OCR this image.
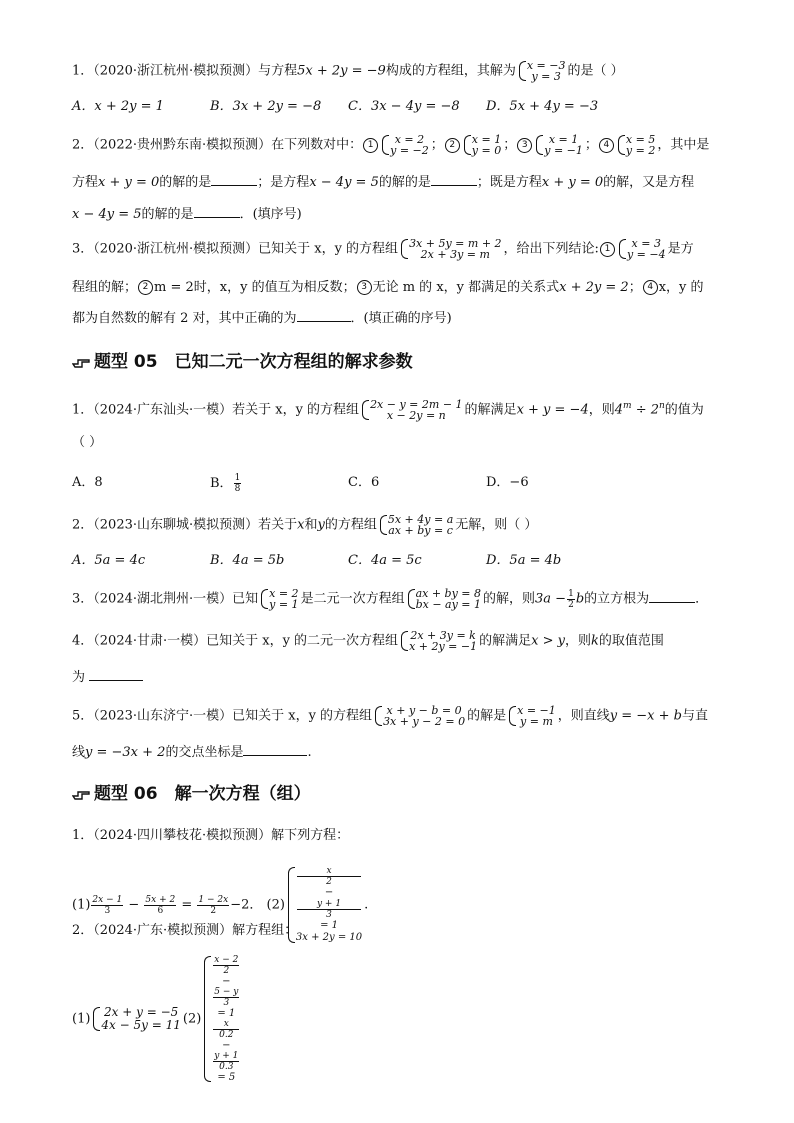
1．（2020·浙江杭州·模拟预测）与方程5x + 2y = −9构成的方程组，其解为 x = −3
y = 3 的是（ ）
A．x + 2y = 1	B．3x + 2y = −8 C．3x − 4y = −8 D．5x + 4y = −3
2．（2022·贵州黔东南·模拟预测）在下列数对中： 1	x = 2
y = −2 ； 2 x = 1
y = 0 ； 3	x = 1
y = −1 ； 4 x = 5
y = 2 ，其中是
方程x + y = 0的解的是	；是方程x − 4y = 5的解的是	；既是方程x + y = 0的解，又是方程
x − 4y = 5的解的是	．(填序号)
3．（2020·浙江杭州·模拟预测）已知关于 x，y 的方程组 3x + 5y = m + 2
2x + 3y = m	，给出下列结论: 1	x = 3
y = −4 是方
程组的解； 2 m = 2时，x，y 的值互为相反数； 3 无论 m 的 x，y 都满足的关系式x + 2y = 2； 4 x，y 的
都为自然数的解有 2 对，其中正确的为	．(填正确的序号)
题型 05　已知二元一次方程组的解求参数
1．（2024·广东汕头·一模）若关于 x，y 的方程组 2x − y = 2m − 1
x − 2y = n	的解满足x + y = −4，则$4^m \div 2^n$的值为
（ ）
A．8	B． $\frac{1}{8}$	C．6	D．−6
2．（2023·山东聊城·模拟预测）若关于x和y的方程组 5x + 4y = a
ax + by = c 无解，则（ ）
A．5a = 4c	B．4a = 5b	C．4a = 5c	D．5a = 4b
3．（2024·湖北荆州·一模）已知 x = 2
y = 1 是二元一次方程组 ax + by = 8
bx − ay = 1 的解，则$3a - \frac{1}{2}$ b的立方根为	．
4．（2024·甘肃·一模）已知关于 x，y 的二元一次方程组 2x + 3y = k
x + 2y = −1 的解满足x > y，则k的取值范围
为
5．（2023·山东济宁·一模）已知关于 x，y 的方程组	x + y − b = 0
3x + y − 2 = 0 的解是 x = −1
y = m ，则直线y = −x + b与直
线y = −3x + 2的交点坐标是	.
题型 06　解一次方程（组）
1．（2024·四川攀枝花·模拟预测）解下列方程：
$(1) \frac{2x - 1}{3} - \frac{5x + 2}{6} = \frac{1 - 2x}{2} -2$． (2)
x
2
−
y + 1
3
= 1
3x + 2y = 10
.
2．（2024·广东·模拟预测）解方程组：
(1) 2x + y = −5
4x − 5y = 11 (2)
x − 2
2
−
5 − y
3
= 1
x
0.2
−
y + 1
0.3
= 5
